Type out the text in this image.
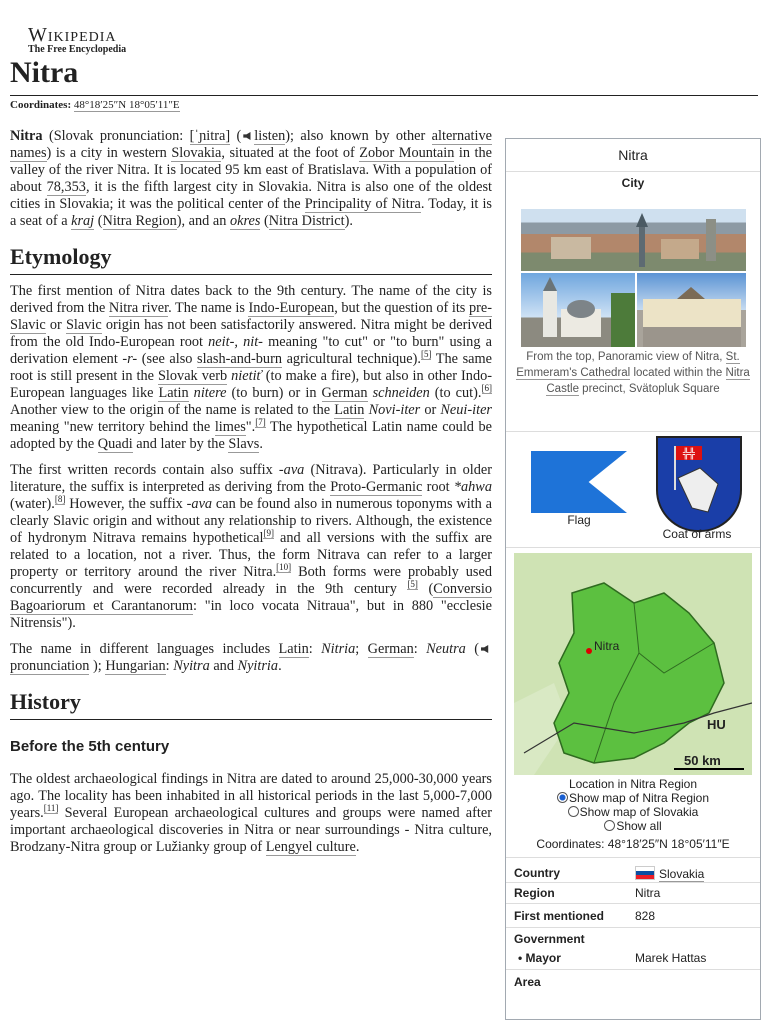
Wikipedia
The Free Encyclopedia
Nitra
Coordinates: 48°18′25″N 18°05′11″E

Nitra (Slovak pronunciation: [ˈɲitra] ( listen); also known by other alternative names) is a city in western Slovakia, situated at the foot of Zobor Mountain in the valley of the river Nitra. It is located 95 km east of Bratislava. With a population of about 78,353, it is the fifth largest city in Slovakia. Nitra is also one of the oldest cities in Slovakia; it was the political center of the Principality of Nitra. Today, it is a seat of a kraj (Nitra Region), and an okres (Nitra District).

Etymology

The first mention of Nitra dates back to the 9th century. The name of the city is derived from the Nitra river. The name is Indo-European, but the question of its pre-Slavic or Slavic origin has not been satisfactorily answered. Nitra might be derived from the old Indo-European root neit-, nit- meaning "to cut" or "to burn" using a derivation element -r- (see also slash-and-burn agricultural technique).[5] The same root is still present in the Slovak verb nietiť (to make a fire), but also in other Indo-European languages like Latin nitere (to burn) or in German schneiden (to cut).[6] Another view to the origin of the name is related to the Latin Novi-iter or Neui-iter meaning "new territory behind the limes".[7] The hypothetical Latin name could be adopted by the Quadi and later by the Slavs.

The first written records contain also suffix -ava (Nitrava). Particularly in older literature, the suffix is interpreted as deriving from the Proto-Germanic root *ahwa (water).[8] However, the suffix -ava can be found also in numerous toponyms with a clearly Slavic origin and without any relationship to rivers. Although, the existence of hydronym Nitrava remains hypothetical[9] and all versions with the suffix are related to a location, not a river. Thus, the form Nitrava can refer to a larger property or territory around the river Nitra.[10] Both forms were probably used concurrently and were recorded already in the 9th century [5] (Conversio Bagoariorum et Carantanorum: "in loco vocata Nitraua", but in 880 "ecclesie Nitrensis").

The name in different languages includes Latin: Nitria; German: Neutra ( pronunciation ); Hungarian: Nyitra and Nyitria.

History
Before the 5th century

The oldest archaeological findings in Nitra are dated to around 25,000-30,000 years ago. The locality has been inhabited in all historical periods in the last 5,000-7,000 years.[11] Several European archaeological cultures and groups were named after important archaeological discoveries in Nitra or near surroundings - Nitra culture, Brodzany-Nitra group or Lužianky group of Lengyel culture.

Nitra
City
From the top, Panoramic view of Nitra, St. Emmeram's Cathedral located within the Nitra Castle precinct, Svätopluk Square
Flag
╬╬
Coat of arms
Nitra
HU
50 km
Location in Nitra Region
Show map of Nitra Region
Show map of Slovakia
Show all
Coordinates: 48°18′25″N 18°05′11″E
Country	Slovakia
Region	Nitra
First mentioned	828
Government
• Mayor	Marek Hattas
Area
